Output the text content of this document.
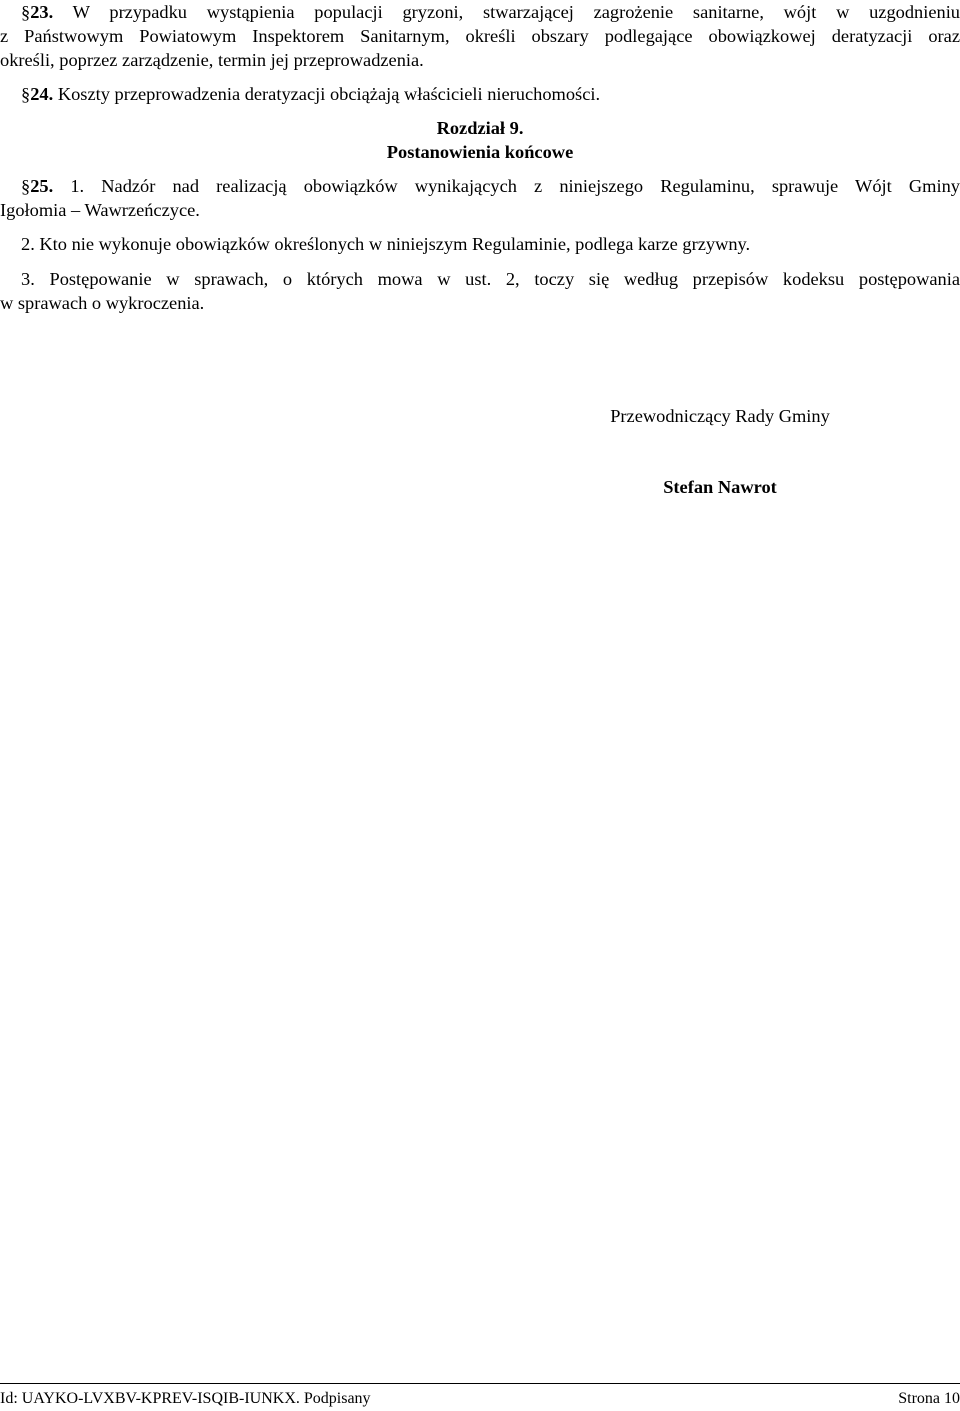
§23. W przypadku wystąpienia populacji gryzoni, stwarzającej zagrożenie sanitarne, wójt w uzgodnieniu
z Państwowym Powiatowym Inspektorem Sanitarnym, określi obszary podlegające obowiązkowej deratyzacji oraz
określi, poprzez zarządzenie, termin jej przeprowadzenia.
§24. Koszty przeprowadzenia deratyzacji obciążają właścicieli nieruchomości.

Rozdział 9.

Postanowienia końcowe

§25. 1. Nadzór nad realizacją obowiązków wynikających z niniejszego Regulaminu, sprawuje Wójt Gminy
Igołomia – Wawrzeńczyce.
2. Kto nie wykonuje obowiązków określonych w niniejszym Regulaminie, podlega karze grzywny.
3. Postępowanie w sprawach, o których mowa w ust. 2, toczy się według przepisów kodeksu postępowania
w sprawach o wykroczenia.

Przewodniczący Rady Gminy

Stefan Nawrot

Id: UAYKO-LVXBV-KPREV-ISQIB-IUNKX. Podpisany	Strona 10
